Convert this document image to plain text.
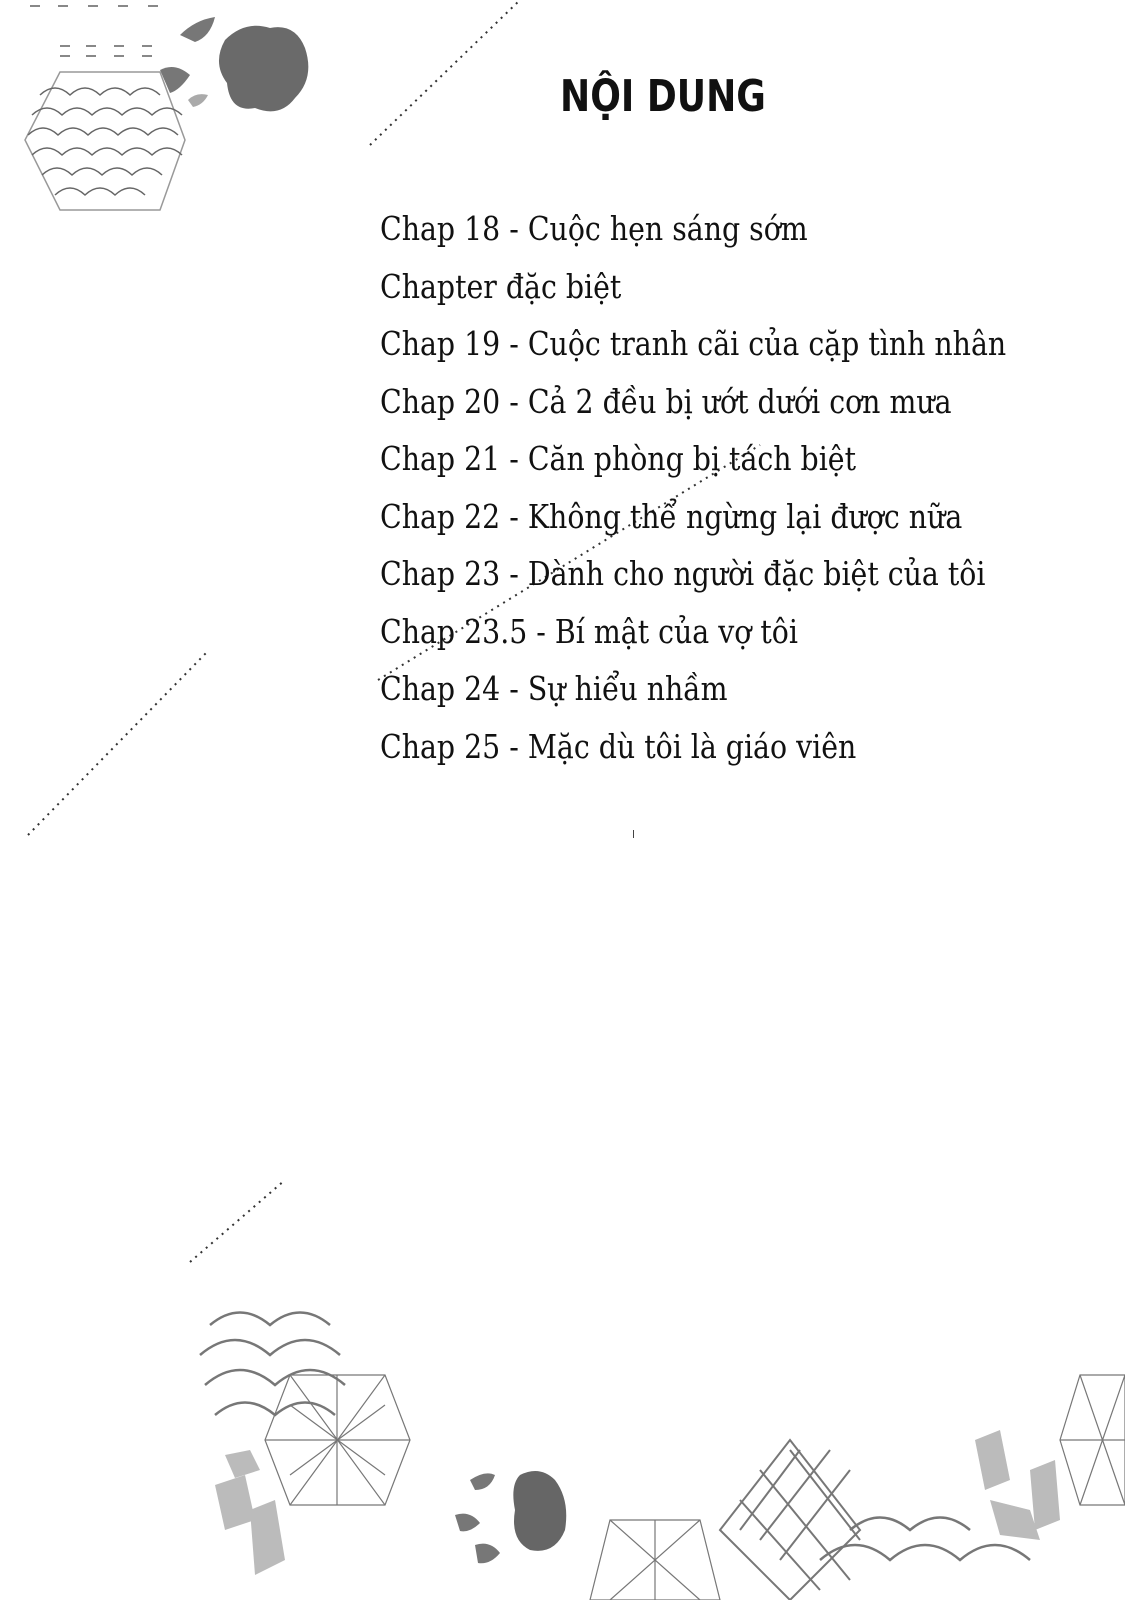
NỘI DUNG
Chap 18 - Cuộc hẹn sáng sớm
Chapter đặc biệt
Chap 19 - Cuộc tranh cãi của cặp tình nhân
Chap 20 - Cả 2 đều bị ướt dưới cơn mưa
Chap 21 - Căn phòng bị tách biệt
Chap 22 - Không thể ngừng lại được nữa
Chap 23 - Dành cho người đặc biệt của tôi
Chap 23.5 - Bí mật của vợ tôi
Chap 24 - Sự hiểu nhầm
Chap 25 - Mặc dù tôi là giáo viên
